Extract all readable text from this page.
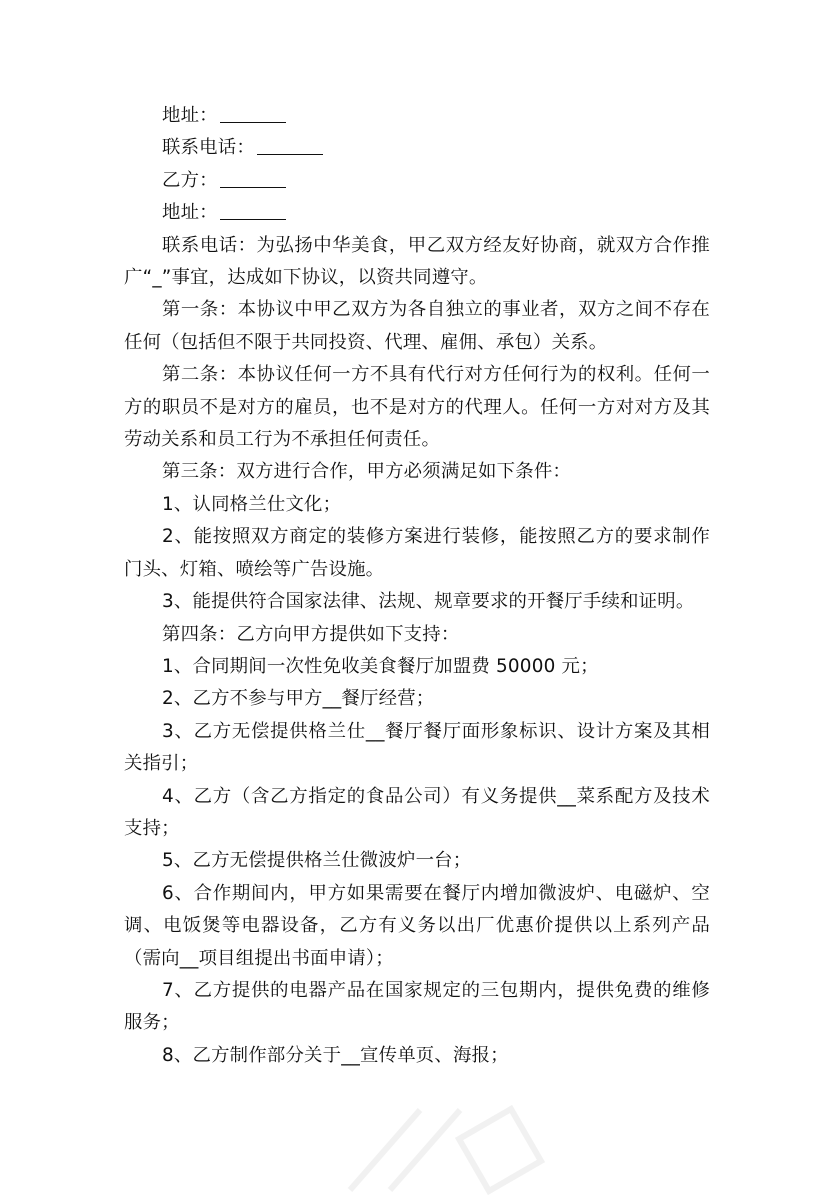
地址：

联系电话：

乙方：

地址：

联系电话：为弘扬中华美食，甲乙双方经友好协商，就双方合作推广“_”事宜，达成如下协议，以资共同遵守。

第一条：本协议中甲乙双方为各自独立的事业者，双方之间不存在任何（包括但不限于共同投资、代理、雇佣、承包）关系。

第二条：本协议任何一方不具有代行对方任何行为的权利。任何一方的职员不是对方的雇员，也不是对方的代理人。任何一方对对方及其劳动关系和员工行为不承担任何责任。

第三条：双方进行合作，甲方必须满足如下条件：

1、认同格兰仕文化；

2、能按照双方商定的装修方案进行装修，能按照乙方的要求制作门头、灯箱、喷绘等广告设施。

3、能提供符合国家法律、法规、规章要求的开餐厅手续和证明。

第四条：乙方向甲方提供如下支持：

1、合同期间一次性免收美食餐厅加盟费 50000 元；

2、乙方不参与甲方__餐厅经营；

3、乙方无偿提供格兰仕__餐厅餐厅面形象标识、设计方案及其相关指引；

4、乙方（含乙方指定的食品公司）有义务提供__菜系配方及技术支持；

5、乙方无偿提供格兰仕微波炉一台；

6、合作期间内，甲方如果需要在餐厅内增加微波炉、电磁炉、空调、电饭煲等电器设备，乙方有义务以出厂优惠价提供以上系列产品（需向__项目组提出书面申请）；

7、乙方提供的电器产品在国家规定的三包期内，提供免费的维修服务；

8、乙方制作部分关于__宣传单页、海报；
